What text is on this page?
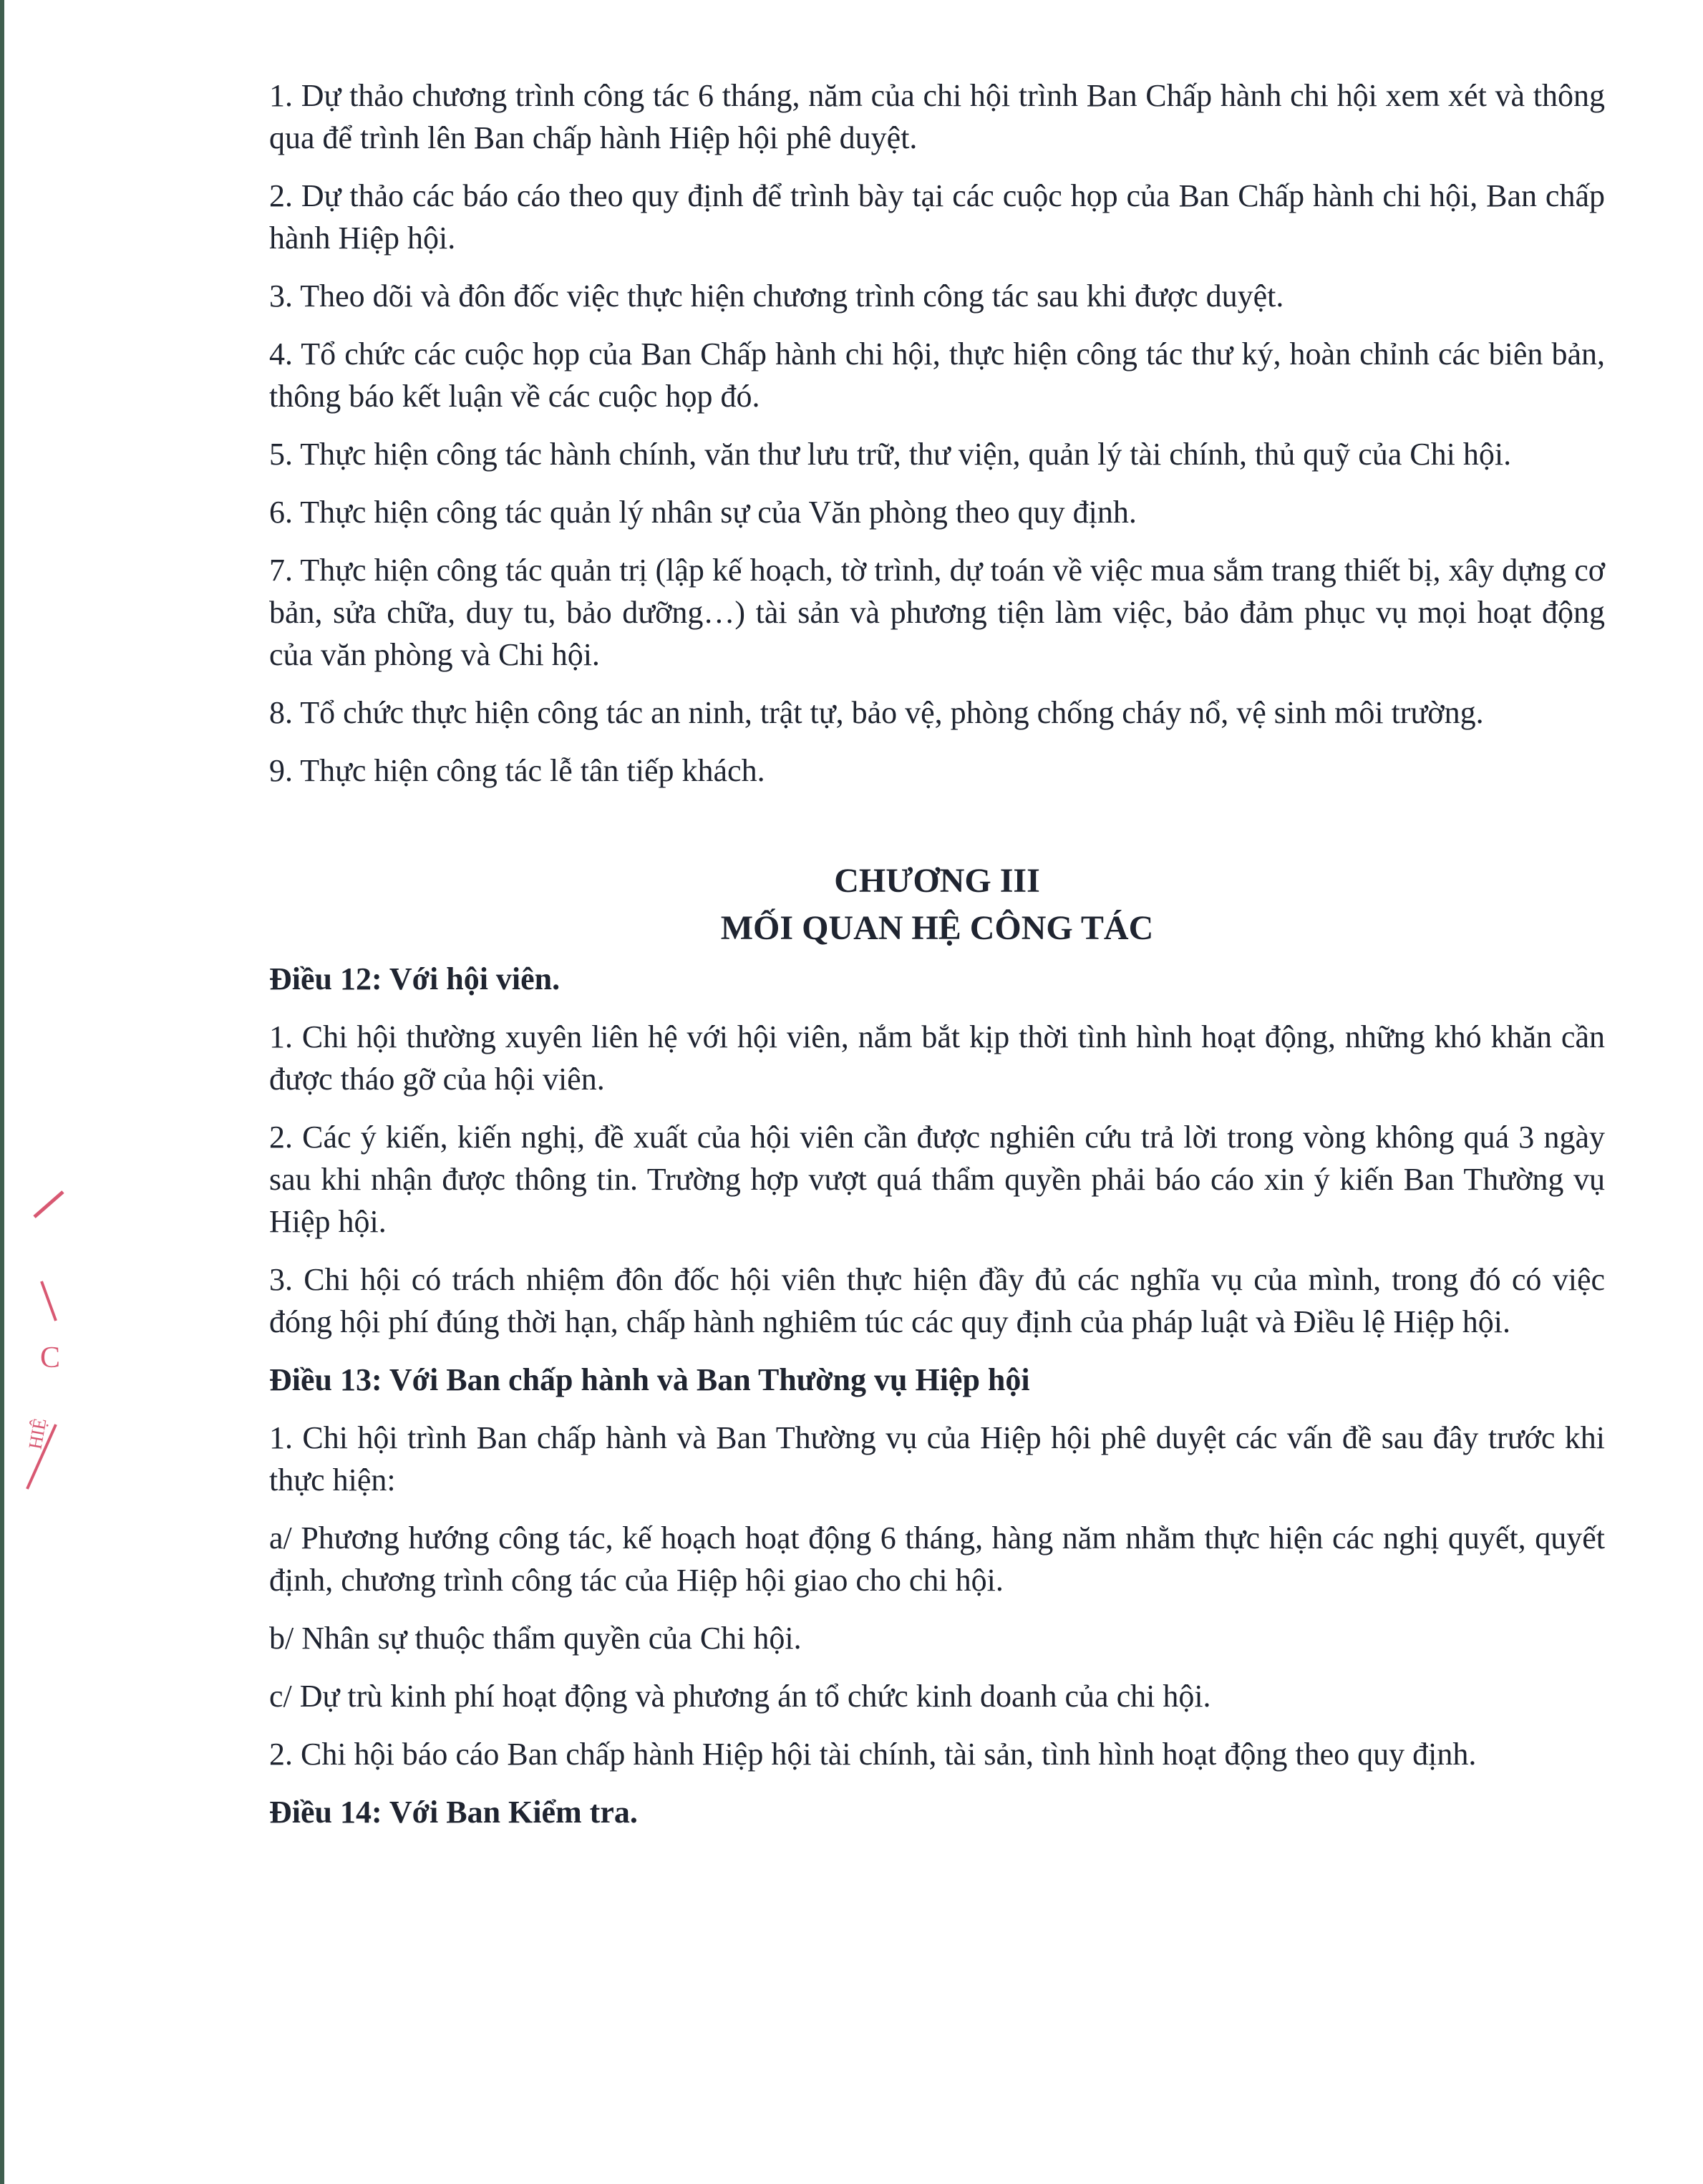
C
HIỆ

1. Dự thảo chương trình công tác 6 tháng, năm của chi hội trình Ban Chấp hành chi hội xem xét và thông qua để trình lên Ban chấp hành Hiệp hội phê duyệt.

2. Dự thảo các báo cáo theo quy định để trình bày tại các cuộc họp của Ban Chấp hành chi hội, Ban chấp hành Hiệp hội.

3. Theo dõi và đôn đốc việc thực hiện chương trình công tác sau khi được duyệt.

4. Tổ chức các cuộc họp của Ban Chấp hành chi hội, thực hiện công tác thư ký, hoàn chỉnh các biên bản, thông báo kết luận về các cuộc họp đó.

5. Thực hiện công tác hành chính, văn thư lưu trữ, thư viện, quản lý tài chính, thủ quỹ của Chi hội.

6. Thực hiện công tác quản lý nhân sự của Văn phòng theo quy định.

7. Thực hiện công tác quản trị (lập kế hoạch, tờ trình, dự toán về việc mua sắm trang thiết bị, xây dựng cơ bản, sửa chữa, duy tu, bảo dưỡng…) tài sản và phương tiện làm việc, bảo đảm phục vụ mọi hoạt động của văn phòng và Chi hội.

8. Tổ chức thực hiện công tác an ninh, trật tự, bảo vệ, phòng chống cháy nổ, vệ sinh môi trường.

9. Thực hiện công tác lễ tân tiếp khách.

CHƯƠNG III
MỐI QUAN HỆ CÔNG TÁC

Điều 12: Với hội viên.

1. Chi hội thường xuyên liên hệ với hội viên, nắm bắt kịp thời tình hình hoạt động, những khó khăn cần được tháo gỡ của hội viên.

2. Các ý kiến, kiến nghị, đề xuất của hội viên cần được nghiên cứu trả lời trong vòng không quá 3 ngày sau khi nhận được thông tin. Trường hợp vượt quá thẩm quyền phải báo cáo xin ý kiến Ban Thường vụ Hiệp hội.

3. Chi hội có trách nhiệm đôn đốc hội viên thực hiện đầy đủ các nghĩa vụ của mình, trong đó có việc đóng hội phí đúng thời hạn, chấp hành nghiêm túc các quy định của pháp luật và Điều lệ Hiệp hội.

Điều 13: Với Ban chấp hành và Ban Thường vụ Hiệp hội

1. Chi hội trình Ban chấp hành và Ban Thường vụ của Hiệp hội phê duyệt các vấn đề sau đây trước khi thực hiện:

a/ Phương hướng công tác, kế hoạch hoạt động 6 tháng, hàng năm nhằm thực hiện các nghị quyết, quyết định, chương trình công tác của Hiệp hội giao cho chi hội.

b/ Nhân sự thuộc thẩm quyền của Chi hội.

c/ Dự trù kinh phí hoạt động và phương án tổ chức kinh doanh của chi hội.

2. Chi hội báo cáo Ban chấp hành Hiệp hội tài chính, tài sản, tình hình hoạt động theo quy định.

Điều 14: Với Ban Kiểm tra.
